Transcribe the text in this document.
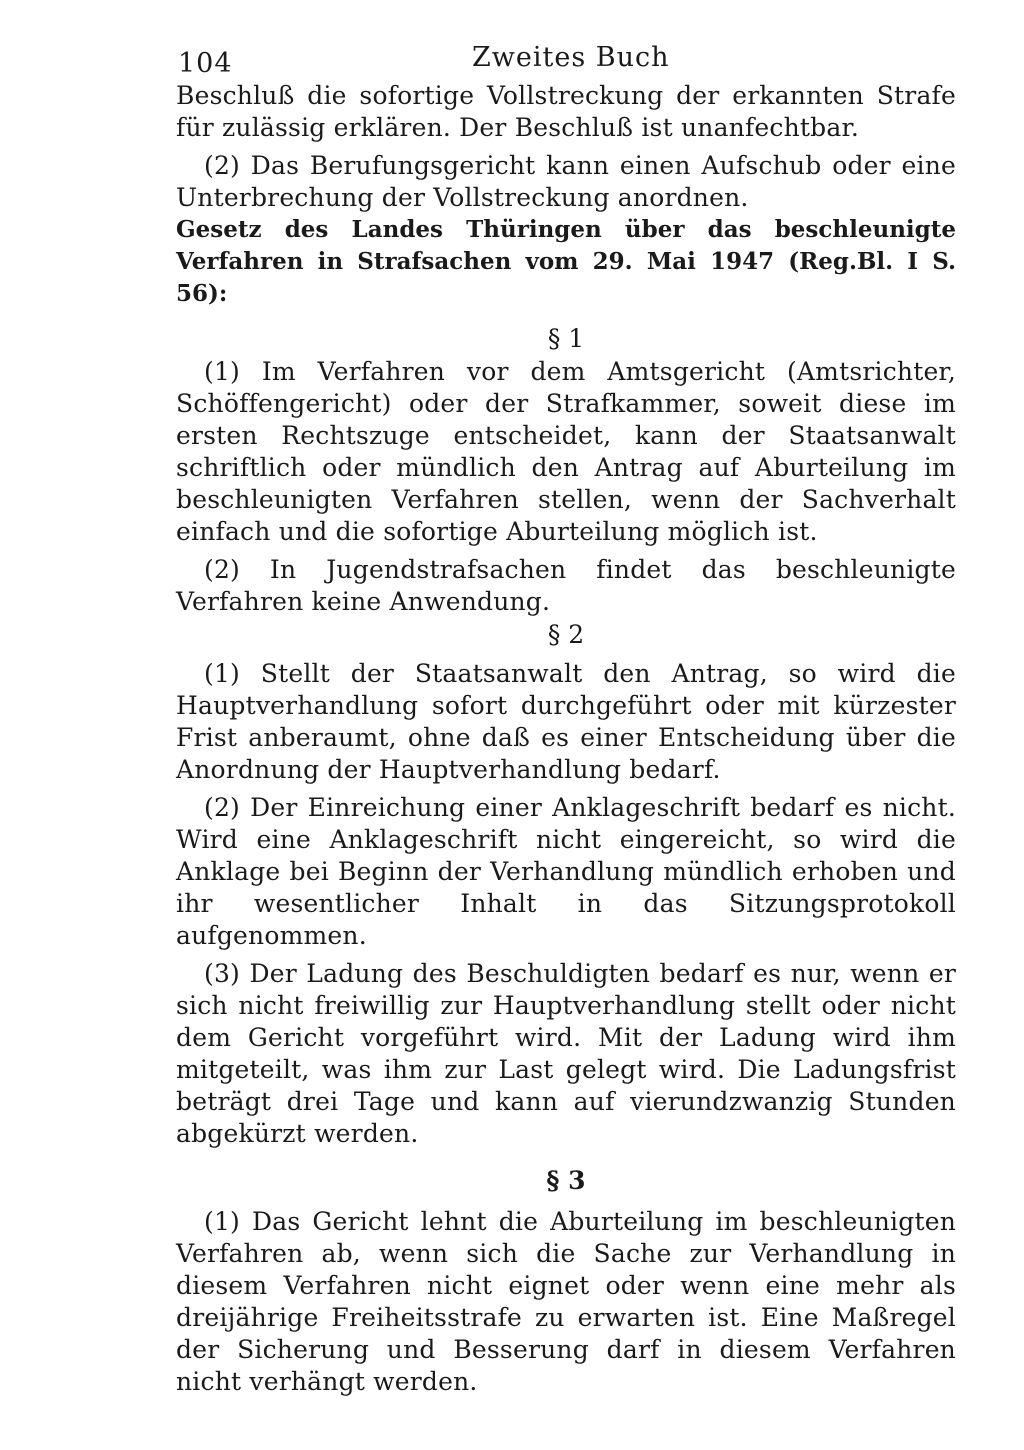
104	Zweites Buch

Beschluß die sofortige Vollstreckung der erkannten Strafe für zulässig erklären. Der Beschluß ist unanfechtbar.

(2) Das Berufungsgericht kann einen Aufschub oder eine Unterbrechung der Vollstreckung anordnen.

Gesetz des Landes Thüringen über das beschleunigte Verfahren in Strafsachen vom 29. Mai 1947 (Reg.Bl. I S. 56):

§ 1

(1) Im Verfahren vor dem Amtsgericht (Amtsrichter, Schöffengericht) oder der Strafkammer, soweit diese im ersten Rechtszuge entscheidet, kann der Staatsanwalt schriftlich oder mündlich den Antrag auf Aburteilung im beschleunigten Verfahren stellen, wenn der Sachverhalt einfach und die sofortige Aburteilung möglich ist.

(2) In Jugendstrafsachen findet das beschleunigte Verfahren keine Anwendung.

§ 2

(1) Stellt der Staatsanwalt den Antrag, so wird die Hauptverhandlung sofort durchgeführt oder mit kürzester Frist anberaumt, ohne daß es einer Entscheidung über die Anordnung der Hauptverhandlung bedarf.

(2) Der Einreichung einer Anklageschrift bedarf es nicht. Wird eine Anklageschrift nicht eingereicht, so wird die Anklage bei Beginn der Verhandlung mündlich erhoben und ihr wesentlicher Inhalt in das Sitzungsprotokoll aufgenommen.

(3) Der Ladung des Beschuldigten bedarf es nur, wenn er sich nicht freiwillig zur Hauptverhandlung stellt oder nicht dem Gericht vorgeführt wird. Mit der Ladung wird ihm mitgeteilt, was ihm zur Last gelegt wird. Die Ladungsfrist beträgt drei Tage und kann auf vierundzwanzig Stunden abgekürzt werden.

§ 3

(1) Das Gericht lehnt die Aburteilung im beschleunigten Verfahren ab, wenn sich die Sache zur Verhandlung in diesem Verfahren nicht eignet oder wenn eine mehr als dreijährige Freiheitsstrafe zu erwarten ist. Eine Maßregel der Sicherung und Besserung darf in diesem Verfahren nicht verhängt werden.
